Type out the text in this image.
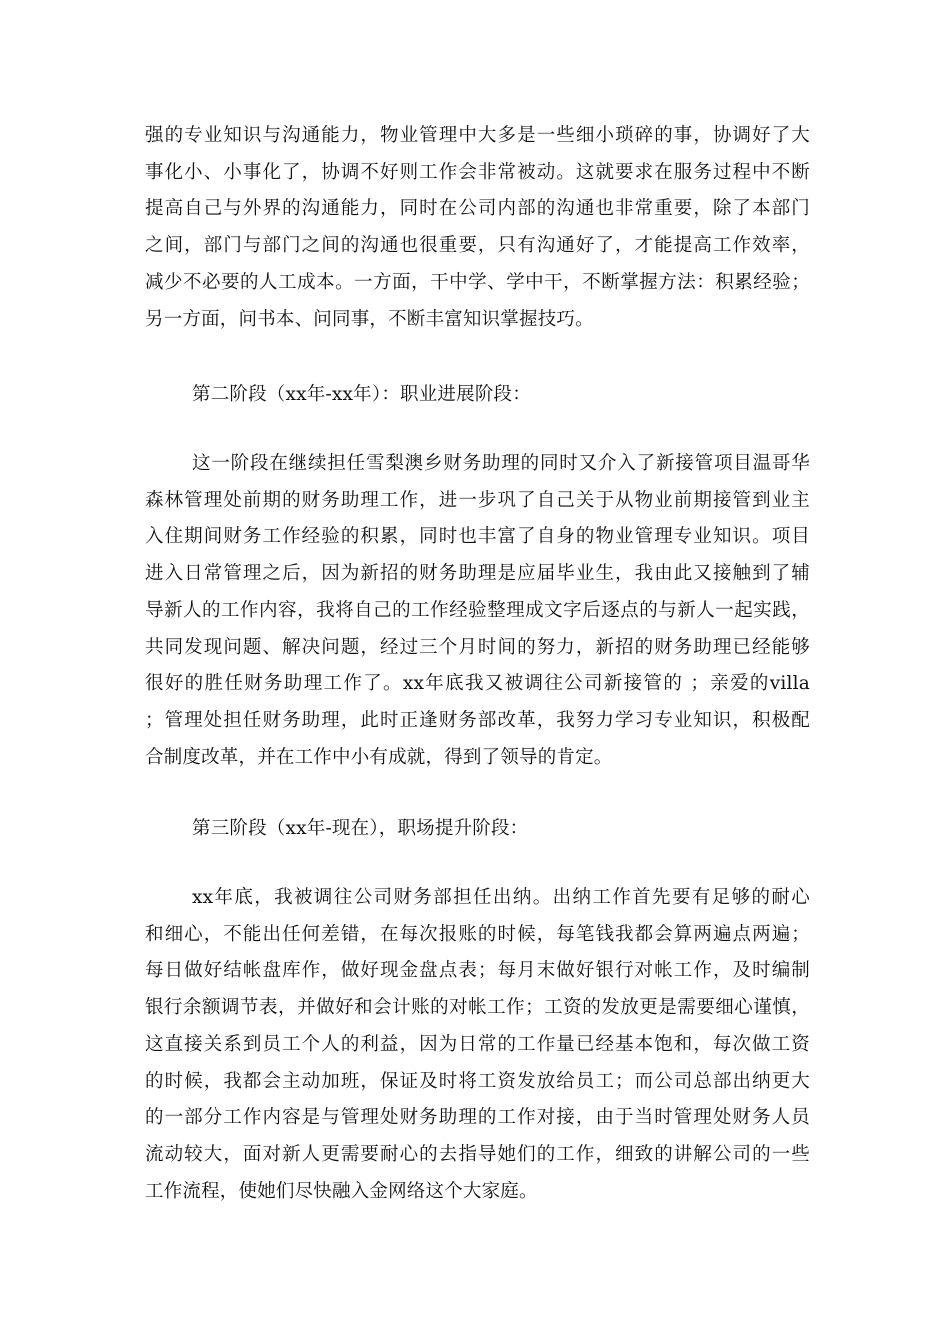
强的专业知识与沟通能力，物业管理中大多是一些细小琐碎的事，协调好了大
事化小、小事化了，协调不好则工作会非常被动。这就要求在服务过程中不断
提高自己与外界的沟通能力，同时在公司内部的沟通也非常重要，除了本部门
之间，部门与部门之间的沟通也很重要，只有沟通好了，才能提高工作效率，
减少不必要的人工成本。一方面，干中学、学中干，不断掌握方法：积累经验；
另一方面，问书本、问同事，不断丰富知识掌握技巧。

第二阶段（xx年-xx年）：职业进展阶段：

这一阶段在继续担任雪梨澳乡财务助理的同时又介入了新接管项目温哥华
森林管理处前期的财务助理工作，进一步巩了自己关于从物业前期接管到业主
入住期间财务工作经验的积累，同时也丰富了自身的物业管理专业知识。项目
进入日常管理之后，因为新招的财务助理是应届毕业生，我由此又接触到了辅
导新人的工作内容，我将自己的工作经验整理成文字后逐点的与新人一起实践，
共同发现问题、解决问题，经过三个月时间的努力，新招的财务助理已经能够
很好的胜任财务助理工作了。xx年底我又被调往公司新接管的 ；亲爱的villa
；管理处担任财务助理，此时正逢财务部改革，我努力学习专业知识，积极配
合制度改革，并在工作中小有成就，得到了领导的肯定。

第三阶段（xx年-现在），职场提升阶段：

xx年底，我被调往公司财务部担任出纳。出纳工作首先要有足够的耐心
和细心，不能出任何差错，在每次报账的时候，每笔钱我都会算两遍点两遍；
每日做好结帐盘库作，做好现金盘点表；每月末做好银行对帐工作，及时编制
银行余额调节表，并做好和会计账的对帐工作；工资的发放更是需要细心谨慎，
这直接关系到员工个人的利益，因为日常的工作量已经基本饱和，每次做工资
的时候，我都会主动加班，保证及时将工资发放给员工；而公司总部出纳更大
的一部分工作内容是与管理处财务助理的工作对接，由于当时管理处财务人员
流动较大，面对新人更需要耐心的去指导她们的工作，细致的讲解公司的一些
工作流程，使她们尽快融入金网络这个大家庭。
